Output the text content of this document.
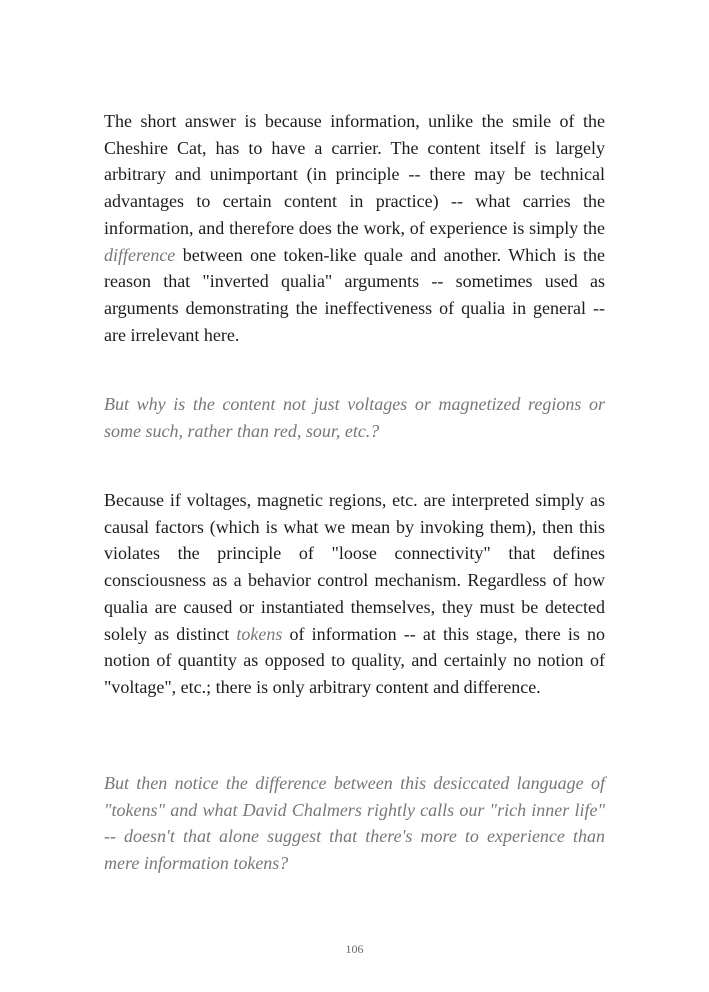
The short answer is because information, unlike the smile of the Cheshire Cat, has to have a carrier. The content itself is largely arbitrary and unimportant (in principle -- there may be technical advantages to certain content in practice) -- what carries the information, and therefore does the work, of experience is simply the difference between one token-like quale and another. Which is the reason that "inverted qualia" arguments -- sometimes used as arguments demonstrating the ineffectiveness of qualia in general -- are irrelevant here.

But why is the content not just voltages or magnetized regions or some such, rather than red, sour, etc.?

Because if voltages, magnetic regions, etc. are interpreted simply as causal factors (which is what we mean by invoking them), then this violates the principle of "loose connectivity" that defines consciousness as a behavior control mechanism. Regardless of how qualia are caused or instantiated themselves, they must be detected solely as distinct tokens of information -- at this stage, there is no notion of quantity as opposed to quality, and certainly no notion of "voltage", etc.; there is only arbitrary content and difference.

But then notice the difference between this desiccated language of "tokens" and what David Chalmers rightly calls our "rich inner life" -- doesn't that alone suggest that there's more to experience than mere information tokens?

106
